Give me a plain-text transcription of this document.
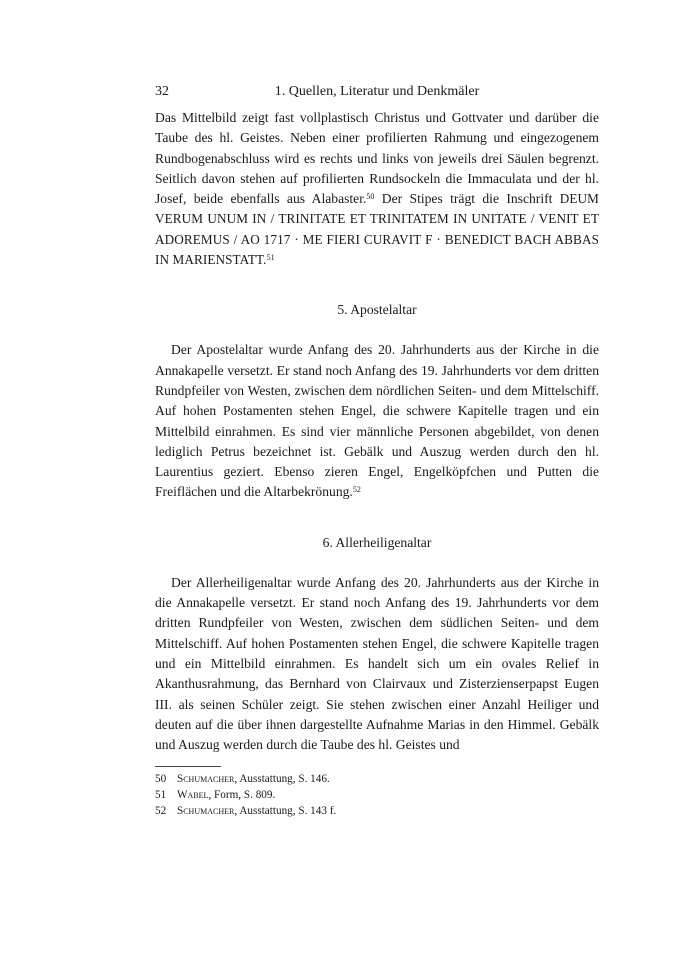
32	1. Quellen, Literatur und Denkmäler

Das Mittelbild zeigt fast vollplastisch Christus und Gottvater und darüber die Taube des hl. Geistes. Neben einer profilierten Rahmung und eingezogenem Rundbogenabschluss wird es rechts und links von jeweils drei Säulen begrenzt. Seitlich davon stehen auf profilierten Rundsockeln die Immaculata und der hl. Josef, beide ebenfalls aus Alabaster.$^{50}$ Der Stipes trägt die Inschrift DEUM VERUM UNUM IN / TRINITATE ET TRINITATEM IN UNITATE / VENIT ET ADOREMUS / AO 1717 · ME FIERI CURAVIT F · BENEDICT BACH ABBAS IN MARIENSTATT.$^{51}$

5. Apostelaltar

Der Apostelaltar wurde Anfang des 20. Jahrhunderts aus der Kirche in die Annakapelle versetzt. Er stand noch Anfang des 19. Jahrhunderts vor dem dritten Rundpfeiler von Westen, zwischen dem nördlichen Seiten- und dem Mittelschiff. Auf hohen Postamenten stehen Engel, die schwere Kapitelle tragen und ein Mittelbild einrahmen. Es sind vier männliche Personen abgebildet, von denen lediglich Petrus bezeichnet ist. Gebälk und Auszug werden durch den hl. Laurentius geziert. Ebenso zieren Engel, Engelköpfchen und Putten die Freiflächen und die Altarbekrönung.$^{52}$

6. Allerheiligenaltar

Der Allerheiligenaltar wurde Anfang des 20. Jahrhunderts aus der Kirche in die Annakapelle versetzt. Er stand noch Anfang des 19. Jahrhunderts vor dem dritten Rundpfeiler von Westen, zwischen dem südlichen Seiten- und dem Mittelschiff. Auf hohen Postamenten stehen Engel, die schwere Kapitelle tragen und ein Mittelbild einrahmen. Es handelt sich um ein ovales Relief in Akanthusrahmung, das Bernhard von Clairvaux und Zisterzienserpapst Eugen III. als seinen Schüler zeigt. Sie stehen zwischen einer Anzahl Heiliger und deuten auf die über ihnen dargestellte Aufnahme Marias in den Himmel. Gebälk und Auszug werden durch die Taube des hl. Geistes und

50 Schumacher, Ausstattung, S. 146.
51 Wabel, Form, S. 809.
52 Schumacher, Ausstattung, S. 143 f.
